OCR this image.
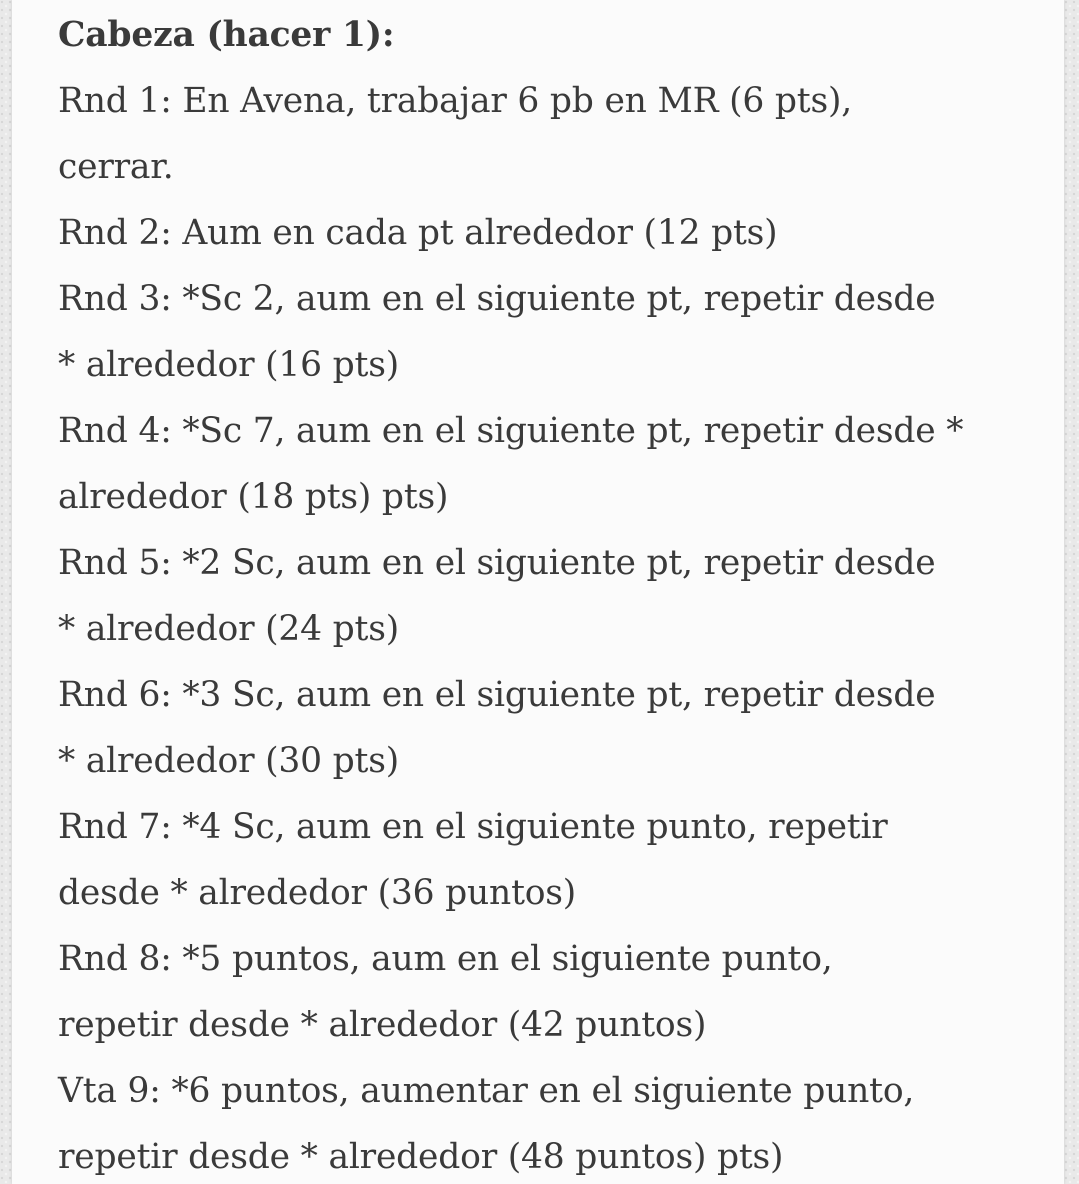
Cabeza (hacer 1):
Rnd 1: En Avena, trabajar 6 pb en MR (6 pts),
cerrar.
Rnd 2: Aum en cada pt alrededor (12 pts)
Rnd 3: *Sc 2, aum en el siguiente pt, repetir desde
* alrededor (16 pts)
Rnd 4: *Sc 7, aum en el siguiente pt, repetir desde *
alrededor (18 pts) pts)
Rnd 5: *2 Sc, aum en el siguiente pt, repetir desde
* alrededor (24 pts)
Rnd 6: *3 Sc, aum en el siguiente pt, repetir desde
* alrededor (30 pts)
Rnd 7: *4 Sc, aum en el siguiente punto, repetir
desde * alrededor (36 puntos)
Rnd 8: *5 puntos, aum en el siguiente punto,
repetir desde * alrededor (42 puntos)
Vta 9: *6 puntos, aumentar en el siguiente punto,
repetir desde * alrededor (48 puntos) pts)
